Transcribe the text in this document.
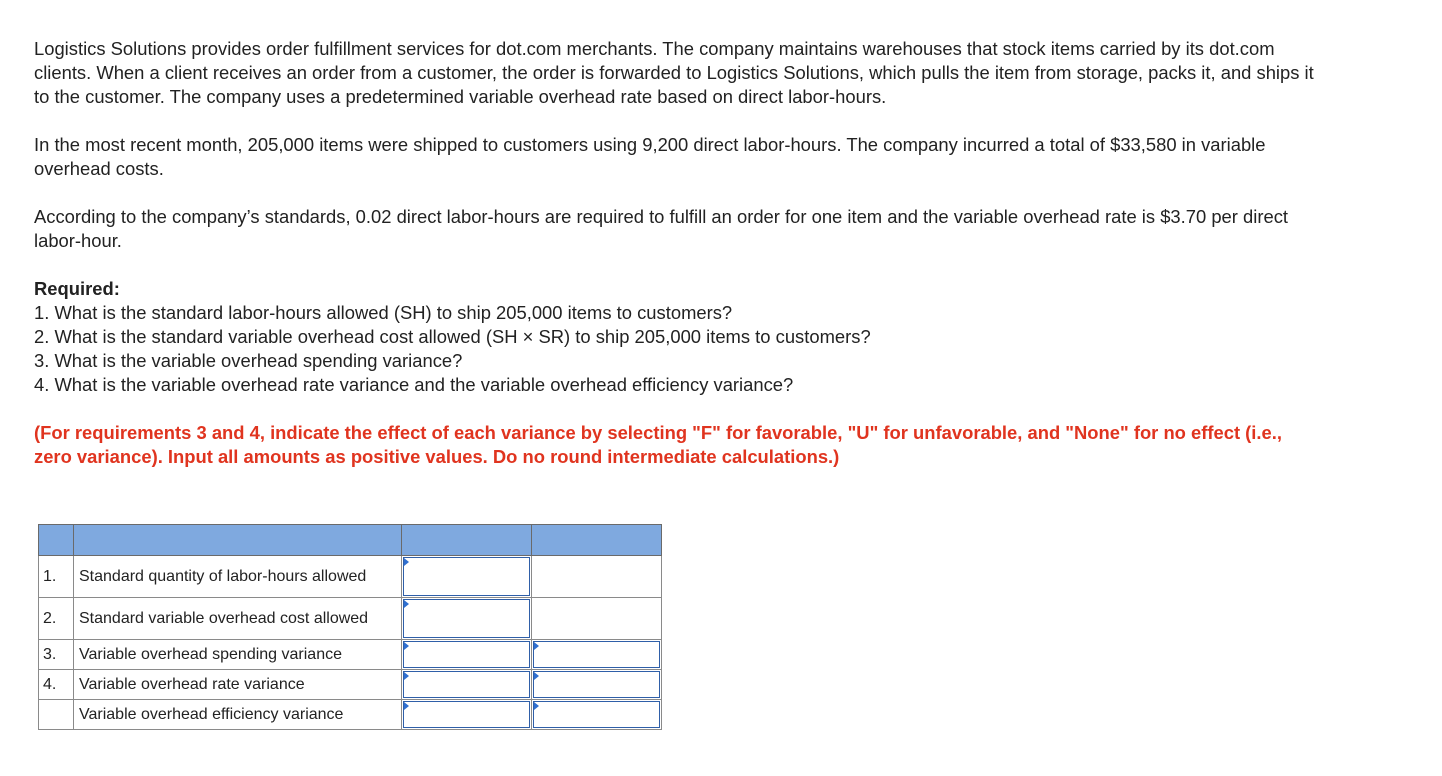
Logistics Solutions provides order fulfillment services for dot.com merchants. The company maintains warehouses that stock items carried by its dot.com clients. When a client receives an order from a customer, the order is forwarded to Logistics Solutions, which pulls the item from storage, packs it, and ships it to the customer. The company uses a predetermined variable overhead rate based on direct labor-hours.

In the most recent month, 205,000 items were shipped to customers using 9,200 direct labor-hours. The company incurred a total of $33,580 in variable overhead costs.

According to the company’s standards, 0.02 direct labor-hours are required to fulfill an order for one item and the variable overhead rate is $3.70 per direct labor-hour.

Required:

1. What is the standard labor-hours allowed (SH) to ship 205,000 items to customers?

2. What is the standard variable overhead cost allowed (SH × SR) to ship 205,000 items to customers?

3. What is the variable overhead spending variance?

4. What is the variable overhead rate variance and the variable overhead efficiency variance?

(For requirements 3 and 4, indicate the effect of each variance by selecting "F" for favorable, "U" for unfavorable, and "None" for no effect (i.e., zero variance). Input all amounts as positive values. Do no round intermediate calculations.)

1.	Standard quantity of labor-hours allowed	

2.	Standard variable overhead cost allowed	

3.	Variable overhead spending variance	

4.	Variable overhead rate variance	

	Variable overhead efficiency variance	
